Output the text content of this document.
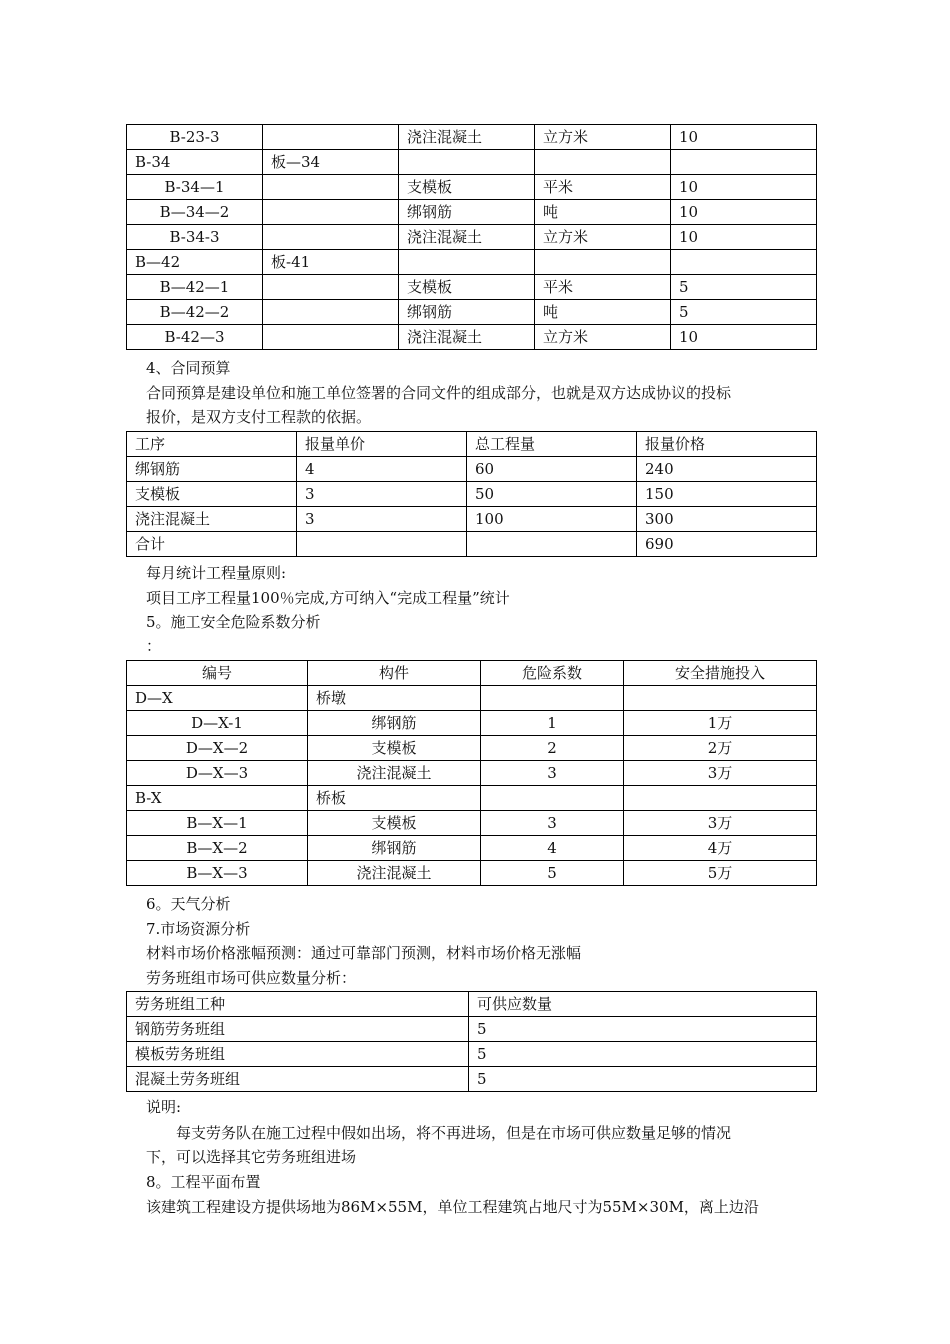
B-23-3		浇注混凝土	立方米	10
B-34	板—34			
B-34—1		支模板	平米	10
B—34—2		绑钢筋	吨	10
B-34-3		浇注混凝土	立方米	10
B—42	板-41			
B—42—1		支模板	平米	5
B—42—2		绑钢筋	吨	5
B-42—3		浇注混凝土	立方米	10
4、合同预算
合同预算是建设单位和施工单位签署的合同文件的组成部分，也就是双方达成协议的投标
报价，是双方支付工程款的依据。
工序	报量单价	总工程量	报量价格
绑钢筋	4	60	240
支模板	3	50	150
浇注混凝土	3	100	300
合计			690
每月统计工程量原则:
项目工序工程量100％完成,方可纳入“完成工程量”统计
5。施工安全危险系数分析
：
编号	构件	危险系数	安全措施投入
D—X	桥墩		
D—X-1	绑钢筋	1	1万
D—X—2	支模板	2	2万
D—X—3	浇注混凝土	3	3万
B-X	桥板		
B—X—1	支模板	3	3万
B—X—2	绑钢筋	4	4万
B—X—3	浇注混凝土	5	5万
6。天气分析
7.市场资源分析
材料市场价格涨幅预测：通过可靠部门预测，材料市场价格无涨幅
劳务班组市场可供应数量分析：
劳务班组工种	可供应数量
钢筋劳务班组	5
模板劳务班组	5
混凝土劳务班组	5
说明:
每支劳务队在施工过程中假如出场，将不再进场，但是在市场可供应数量足够的情况
下，可以选择其它劳务班组进场
8。工程平面布置
该建筑工程建设方提供场地为86M×55M，单位工程建筑占地尺寸为55M×30M，离上边沿
